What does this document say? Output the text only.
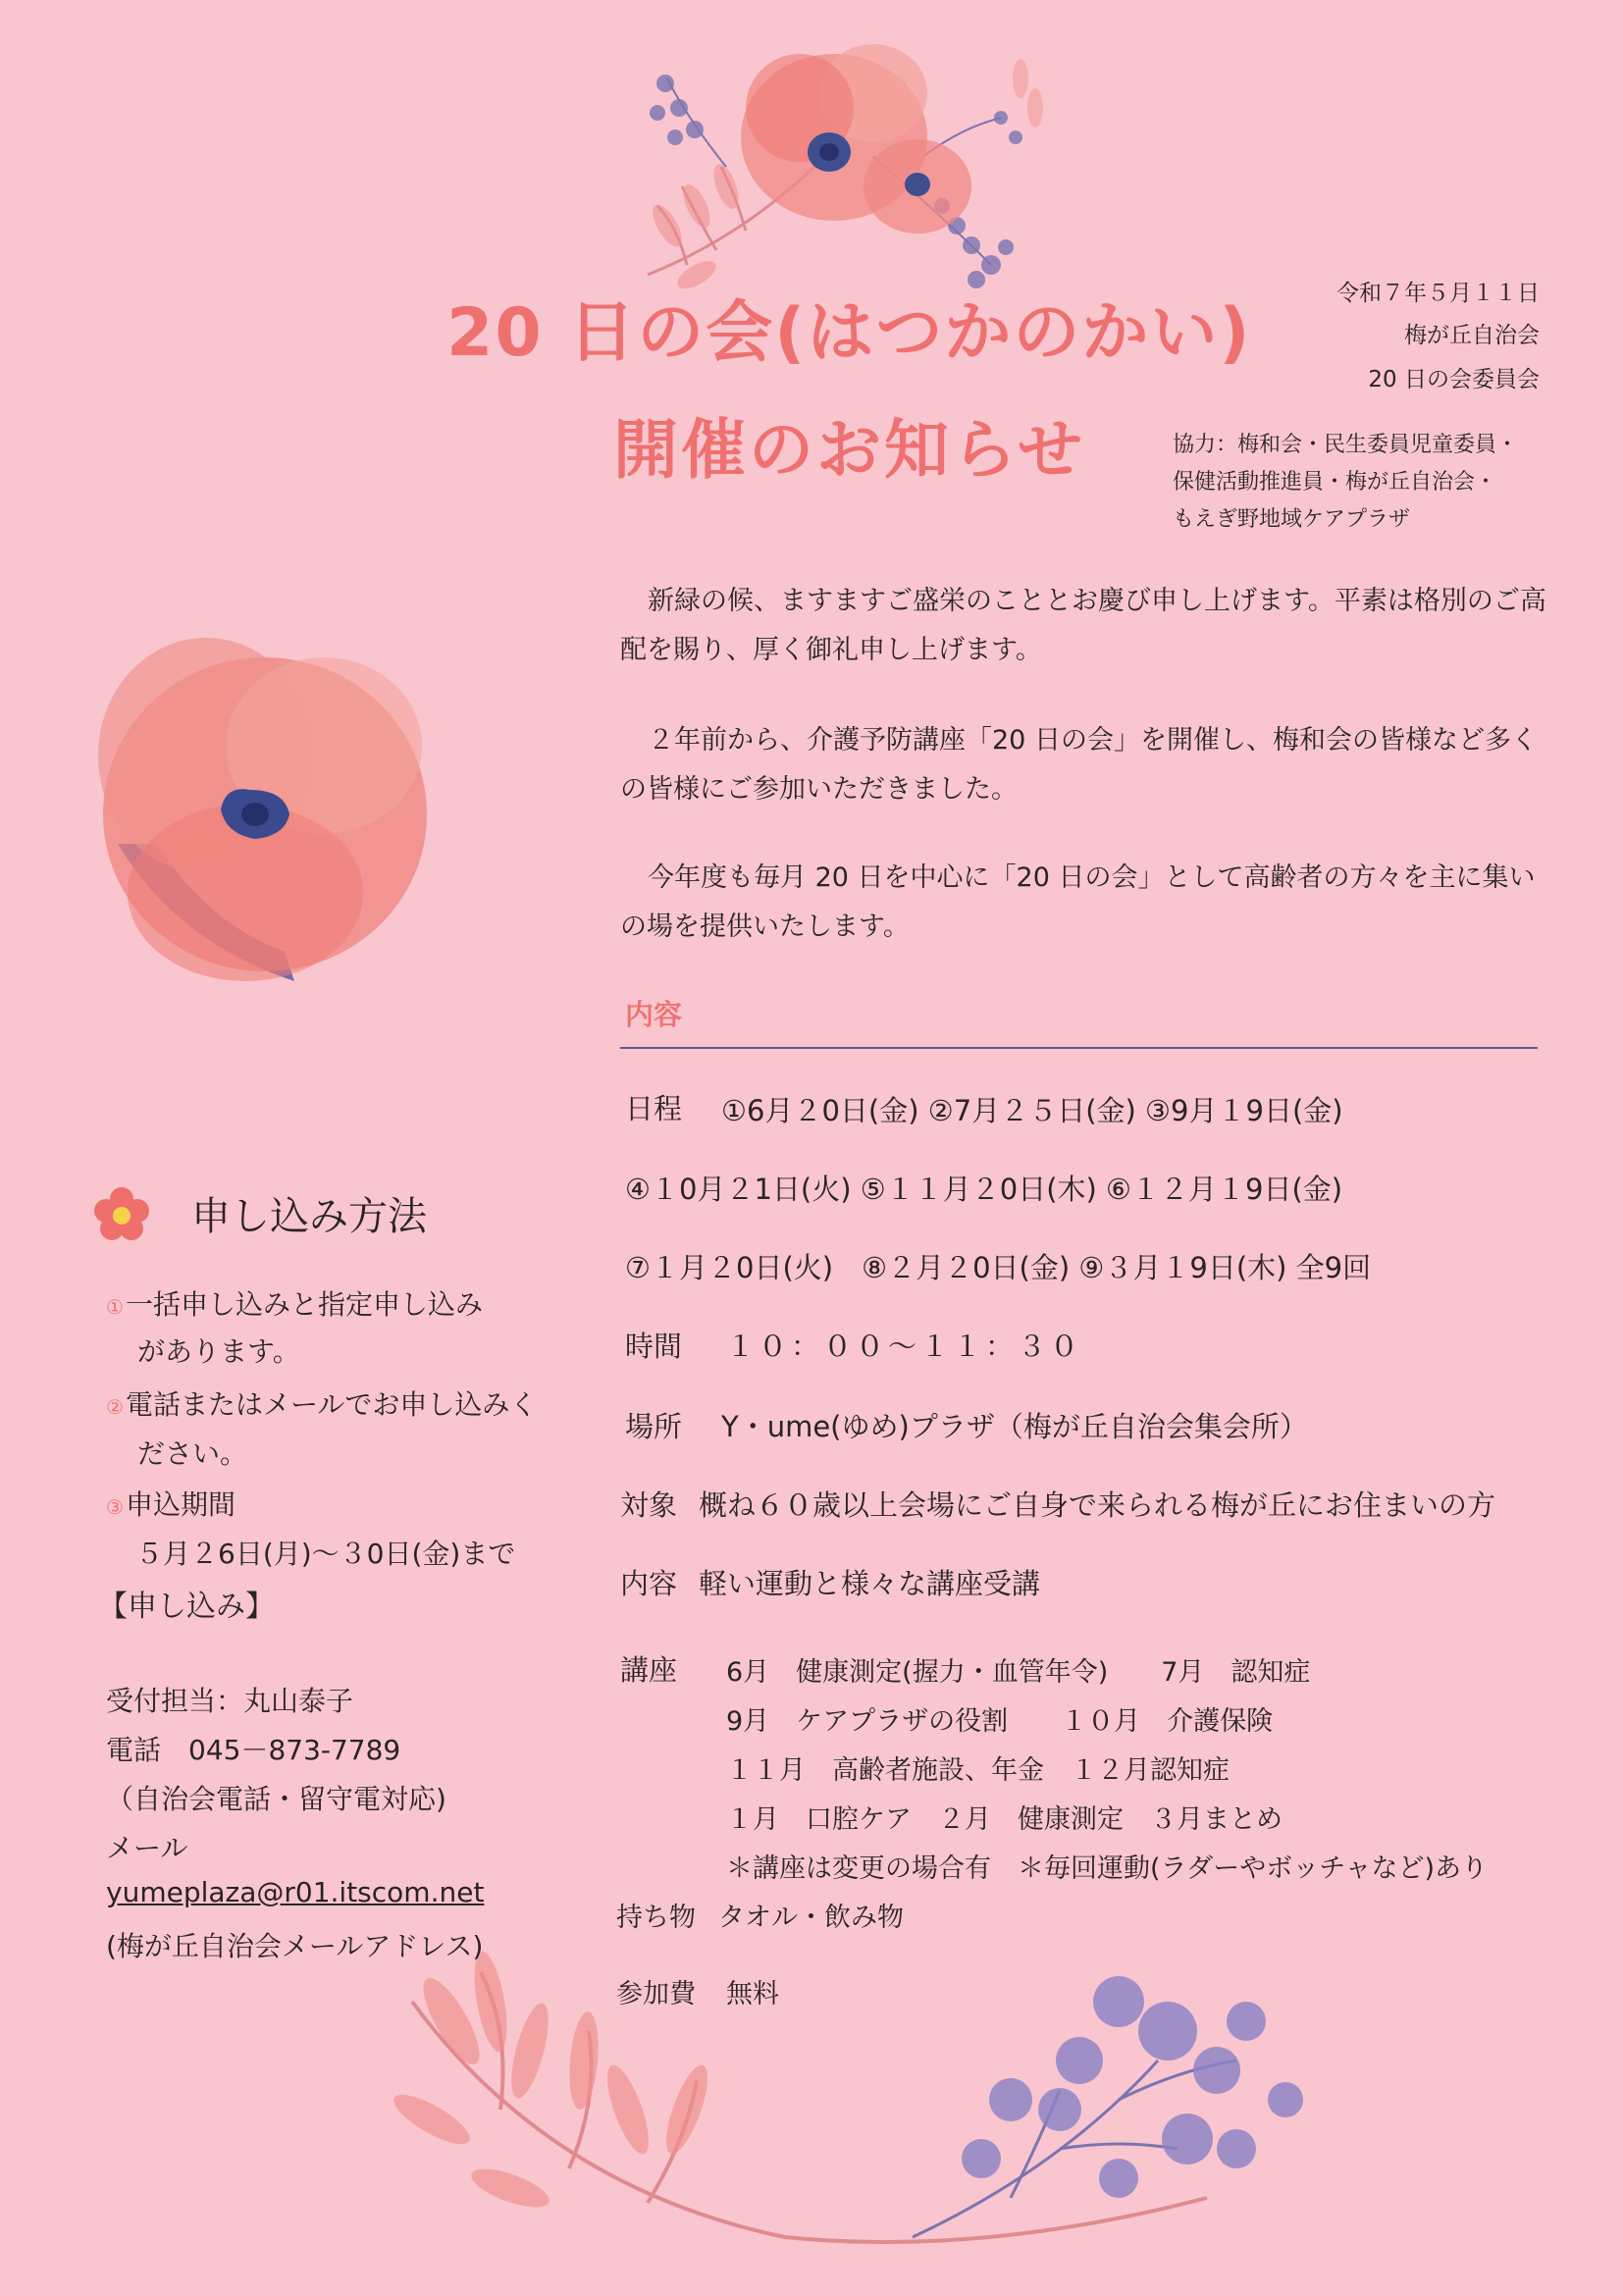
20 日の会(はつかのかい)
開催のお知らせ
令和７年５月１１日
梅が丘自治会
20 日の会委員会
協力：梅和会・民生委員児童委員・
保健活動推進員・梅が丘自治会・
もえぎ野地域ケアプラザ

新緑の候、ますますご盛栄のこととお慶び申し上げます。平素は格別のご高配を賜り、厚く御礼申し上げます。

２年前から、介護予防講座「20 日の会」を開催し、梅和会の皆様など多くの皆様にご参加いただきました。

今年度も毎月 20 日を中心に「20 日の会」として高齢者の方々を主に集いの場を提供いたします。

内容
日程 ①6月２0日(金) ②7月２５日(金) ③9月１9日(金)
④１0月２1日(火) ⑤１１月２0日(木) ⑥１２月１9日(金)
⑦１月２0日(火)　⑧２月２0日(金) ⑨３月１9日(木) 全9回
時間 １０：００～１１：３０
場所 Y・ume(ゆめ)プラザ（梅が丘自治会集会所）
対象 概ね６０歳以上会場にご自身で来られる梅が丘にお住まいの方
内容 軽い運動と様々な講座受講
講座 6月　健康測定(握力・血管年令)　　7月　認知症
9月　ケアプラザの役割　　１０月　介護保険
１１月　高齢者施設、年金　１２月認知症
１月　口腔ケア　２月　健康測定　３月まとめ
＊講座は変更の場合有　＊毎回運動(ラダーやボッチャなど)あり
持ち物 タオル・飲み物
参加費 無料
申し込み方法
①一括申し込みと指定申し込み
があります。
②電話またはメールでお申し込みく
ださい。
③申込期間
５月２6日(月)～３0日(金)まで
【申し込み】
受付担当：丸山泰子
電話　045－873-7789
（自治会電話・留守電対応)
メール
yumeplaza@r01.itscom.net
(梅が丘自治会メールアドレス)
